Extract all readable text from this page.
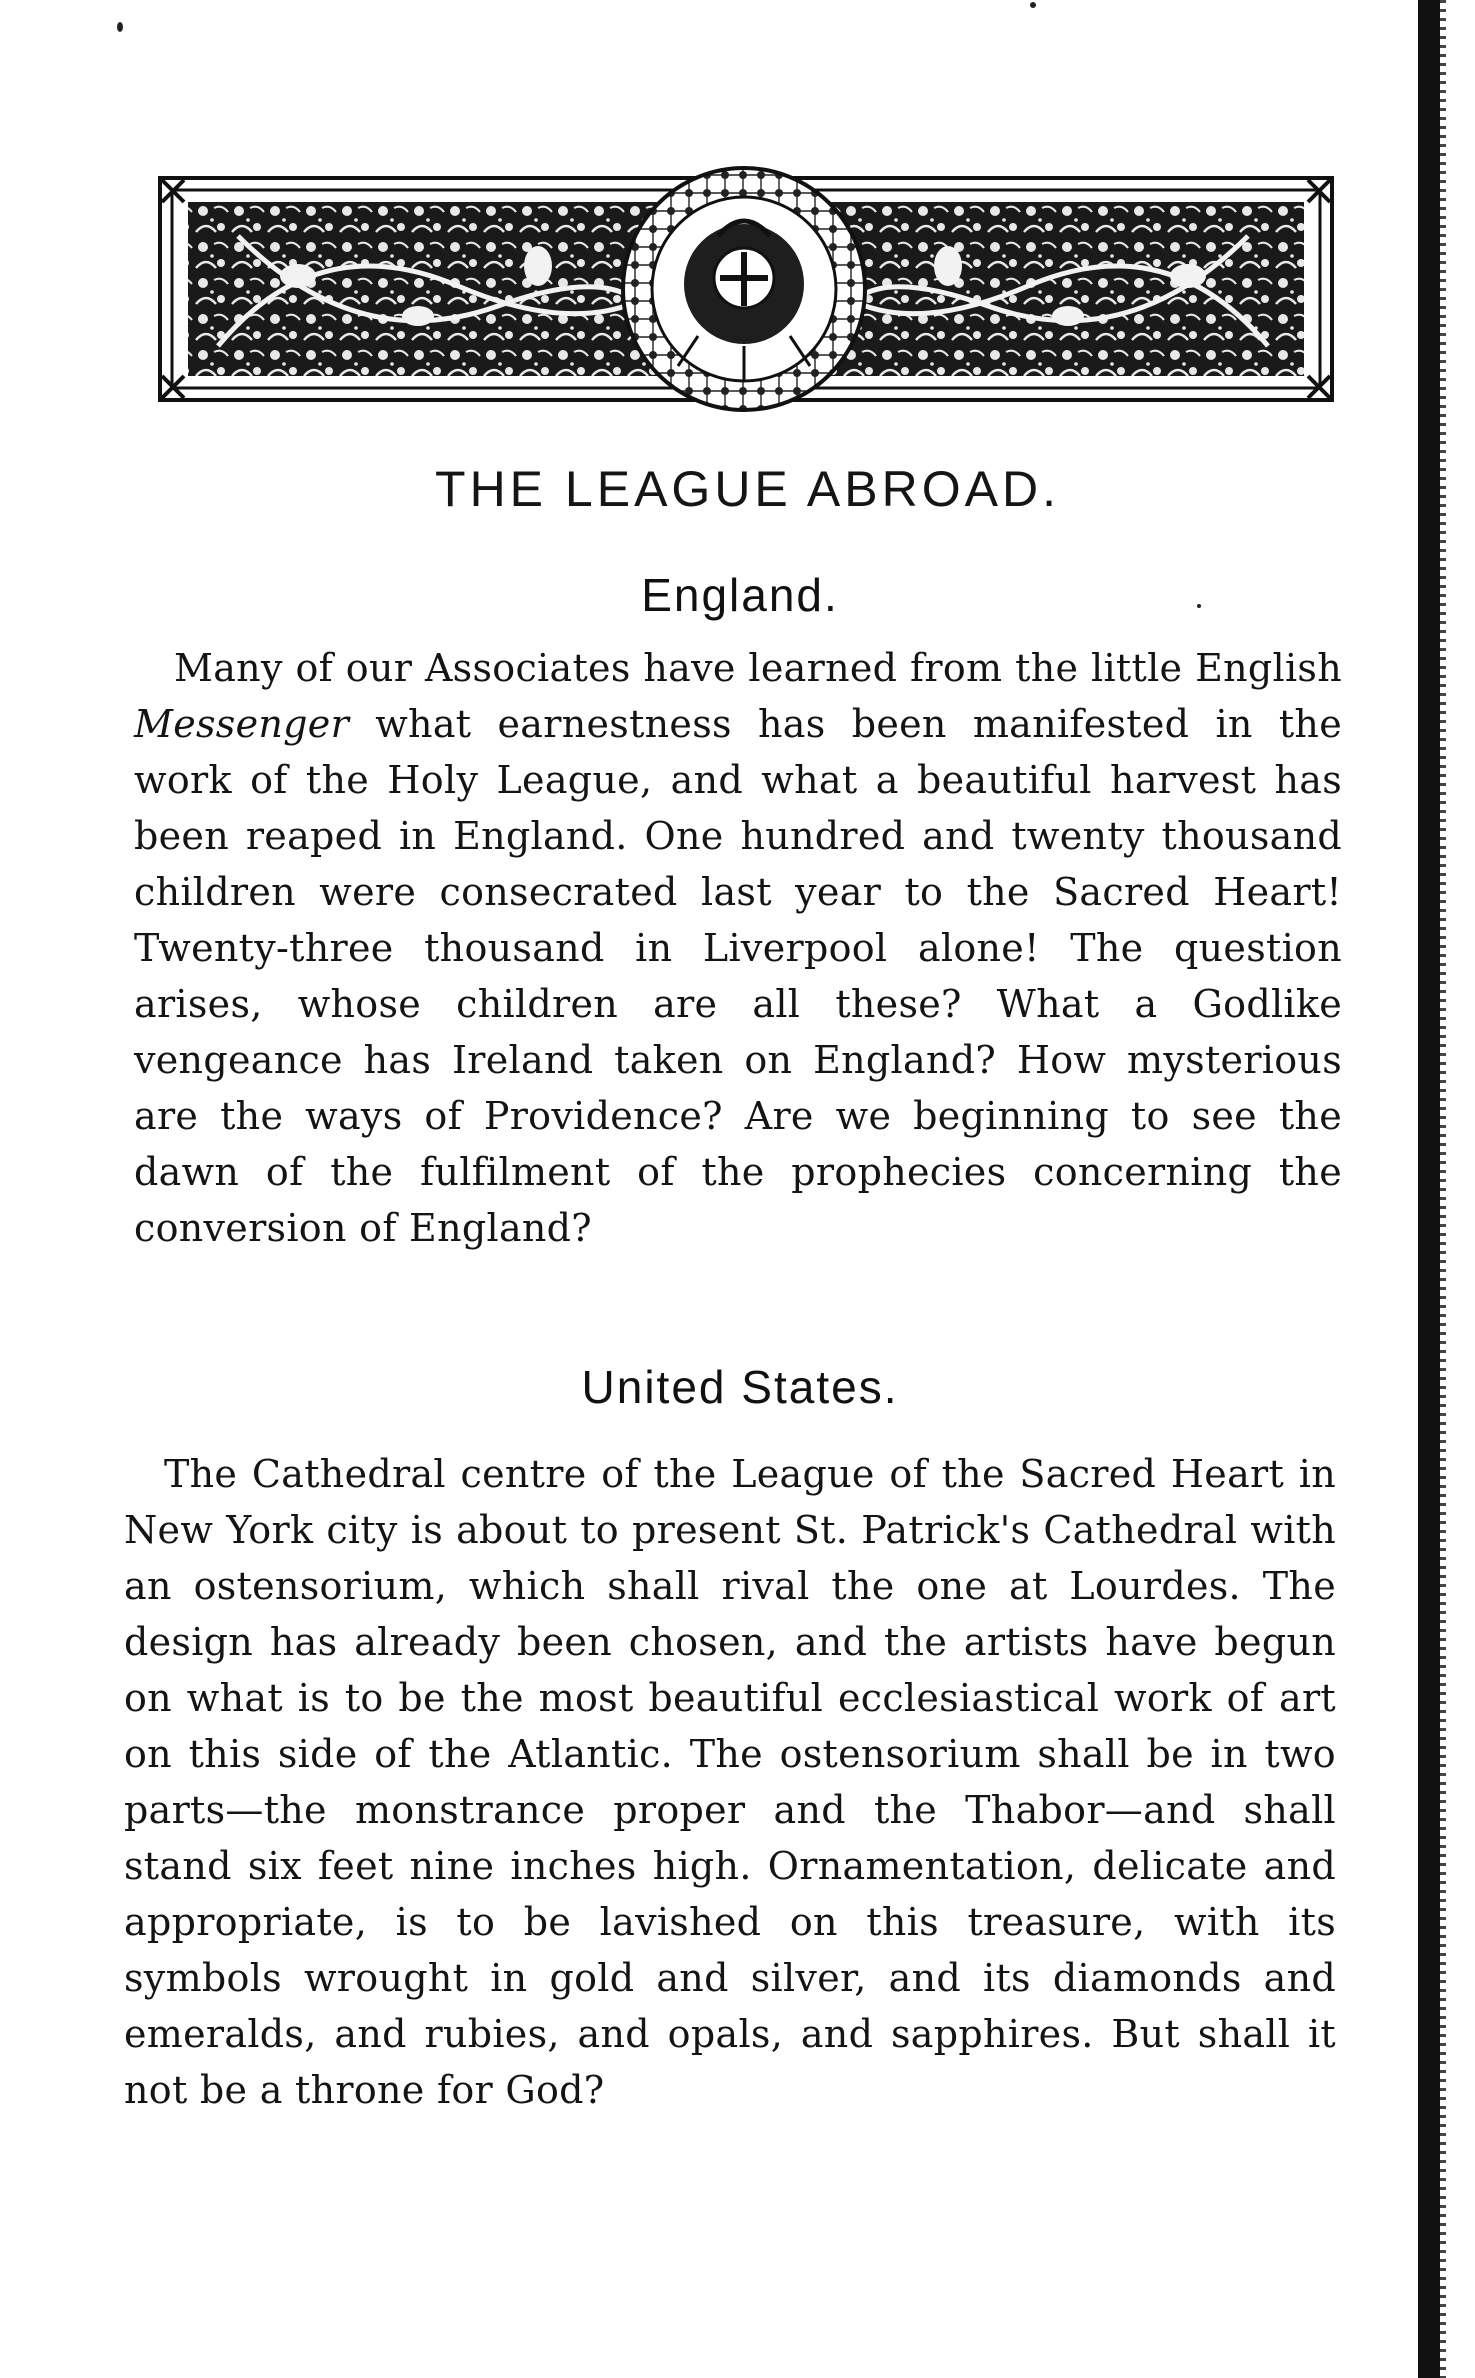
THE LEAGUE ABROAD.
England.

Many of our Associates have learned from the little English Messenger what earnestness has been manifested in the work of the Holy League, and what a beautiful harvest has been reaped in England. One hundred and twenty thousand children were consecrated last year to the Sacred Heart! Twenty-three thousand in Liverpool alone! The question arises, whose children are all these? What a Godlike vengeance has Ireland taken on England? How mysterious are the ways of Providence? Are we beginning to see the dawn of the fulfilment of the prophecies concerning the conversion of England?

United States.

The Cathedral centre of the League of the Sacred Heart in New York city is about to present St. Patrick's Cathedral with an ostensorium, which shall rival the one at Lourdes. The design has already been chosen, and the artists have begun on what is to be the most beautiful ecclesiastical work of art on this side of the Atlantic. The ostensorium shall be in two parts—the monstrance proper and the Thabor—and shall stand six feet nine inches high. Ornamentation, delicate and appropriate, is to be lavished on this treasure, with its symbols wrought in gold and silver, and its diamonds and emeralds, and rubies, and opals, and sapphires. But shall it not be a throne for God?
